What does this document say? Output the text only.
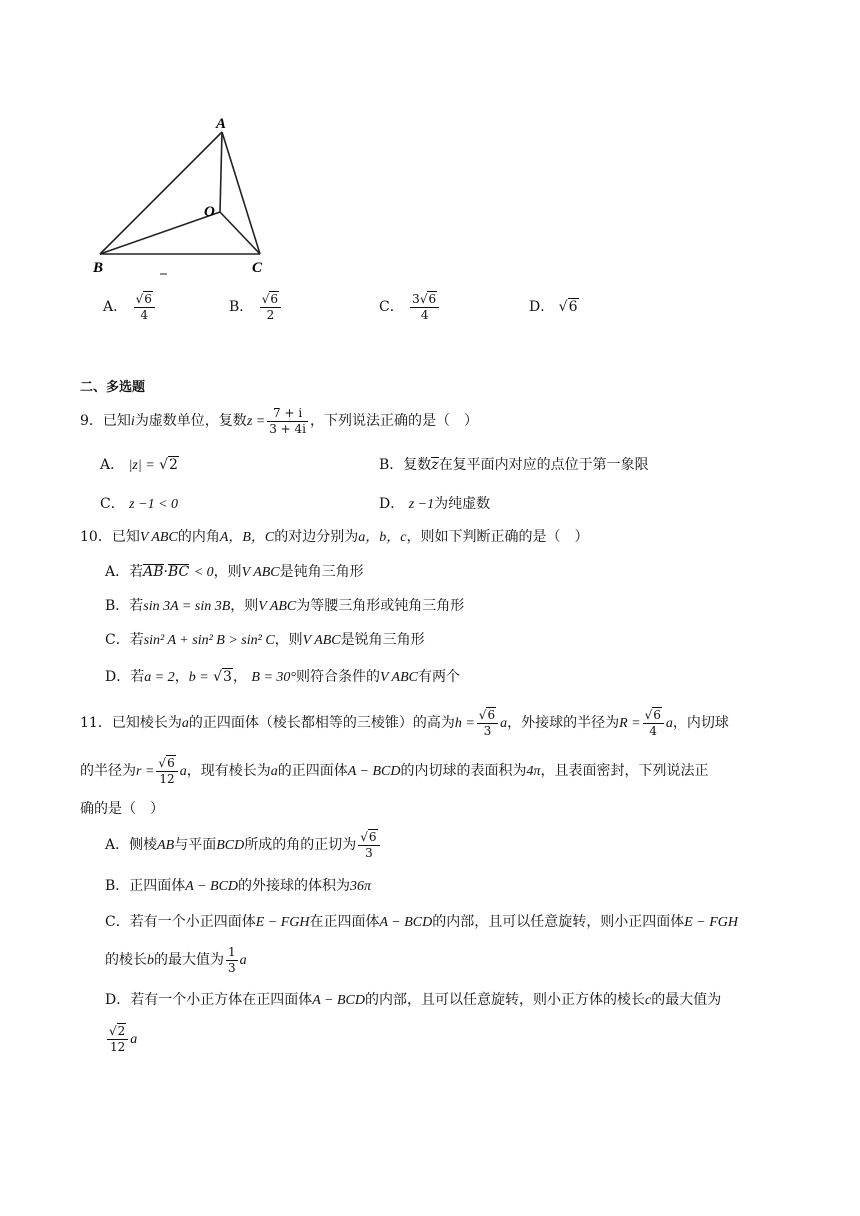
A
O
B	C
A． $\frac{√6}{4}$	B． $\frac{√6}{2}$	C． $\frac{3√6}{4}$	D． √6
二、多选题
9．已知i为虚数单位，复数$z = \frac{7 + i}{3 + 4i}$ ，下列说法正确的是（　）
A． |z| = √2	B．复数z在复平面内对应的点位于第一象限
C． z −1 < 0	D． z −1为纯虚数
10．已知V ABC的内角A，B，C的对边分别为a，b，c，则如下判断正确的是（　）
A．若AB·BC < 0，则V ABC是钝角三角形
B．若sin 3A = sin 3B，则V ABC为等腰三角形或钝角三角形
C．若sin² A + sin² B > sin² C，则V ABC是锐角三角形
D．若a = 2，b = √3， B = 30°则符合条件的V ABC有两个
11．已知棱长为a的正四面体（棱长都相等的三棱锥）的高为$h = \frac{√6}{3}$ a，外接球的半径为$R = \frac{√6}{4}$ a，内切球
的半径为$r = \frac{√6}{12}$ a，现有棱长为a的正四面体A − BCD的内切球的表面积为4π，且表面密封，下列说法正
确的是（　）
A．侧棱AB与平面BCD所成的角的正切为 $\frac{√6}{3}$
B．正四面体A − BCD的外接球的体积为36π
C．若有一个小正四面体E − FGH在正四面体A − BCD的内部，且可以任意旋转，则小正四面体E − FGH
的棱长b的最大值为 $\frac{1}{3}$ a
D．若有一个小正方体在正四面体A − BCD的内部，且可以任意旋转，则小正方体的棱长c的最大值为
$\frac{√2}{12}$ a
